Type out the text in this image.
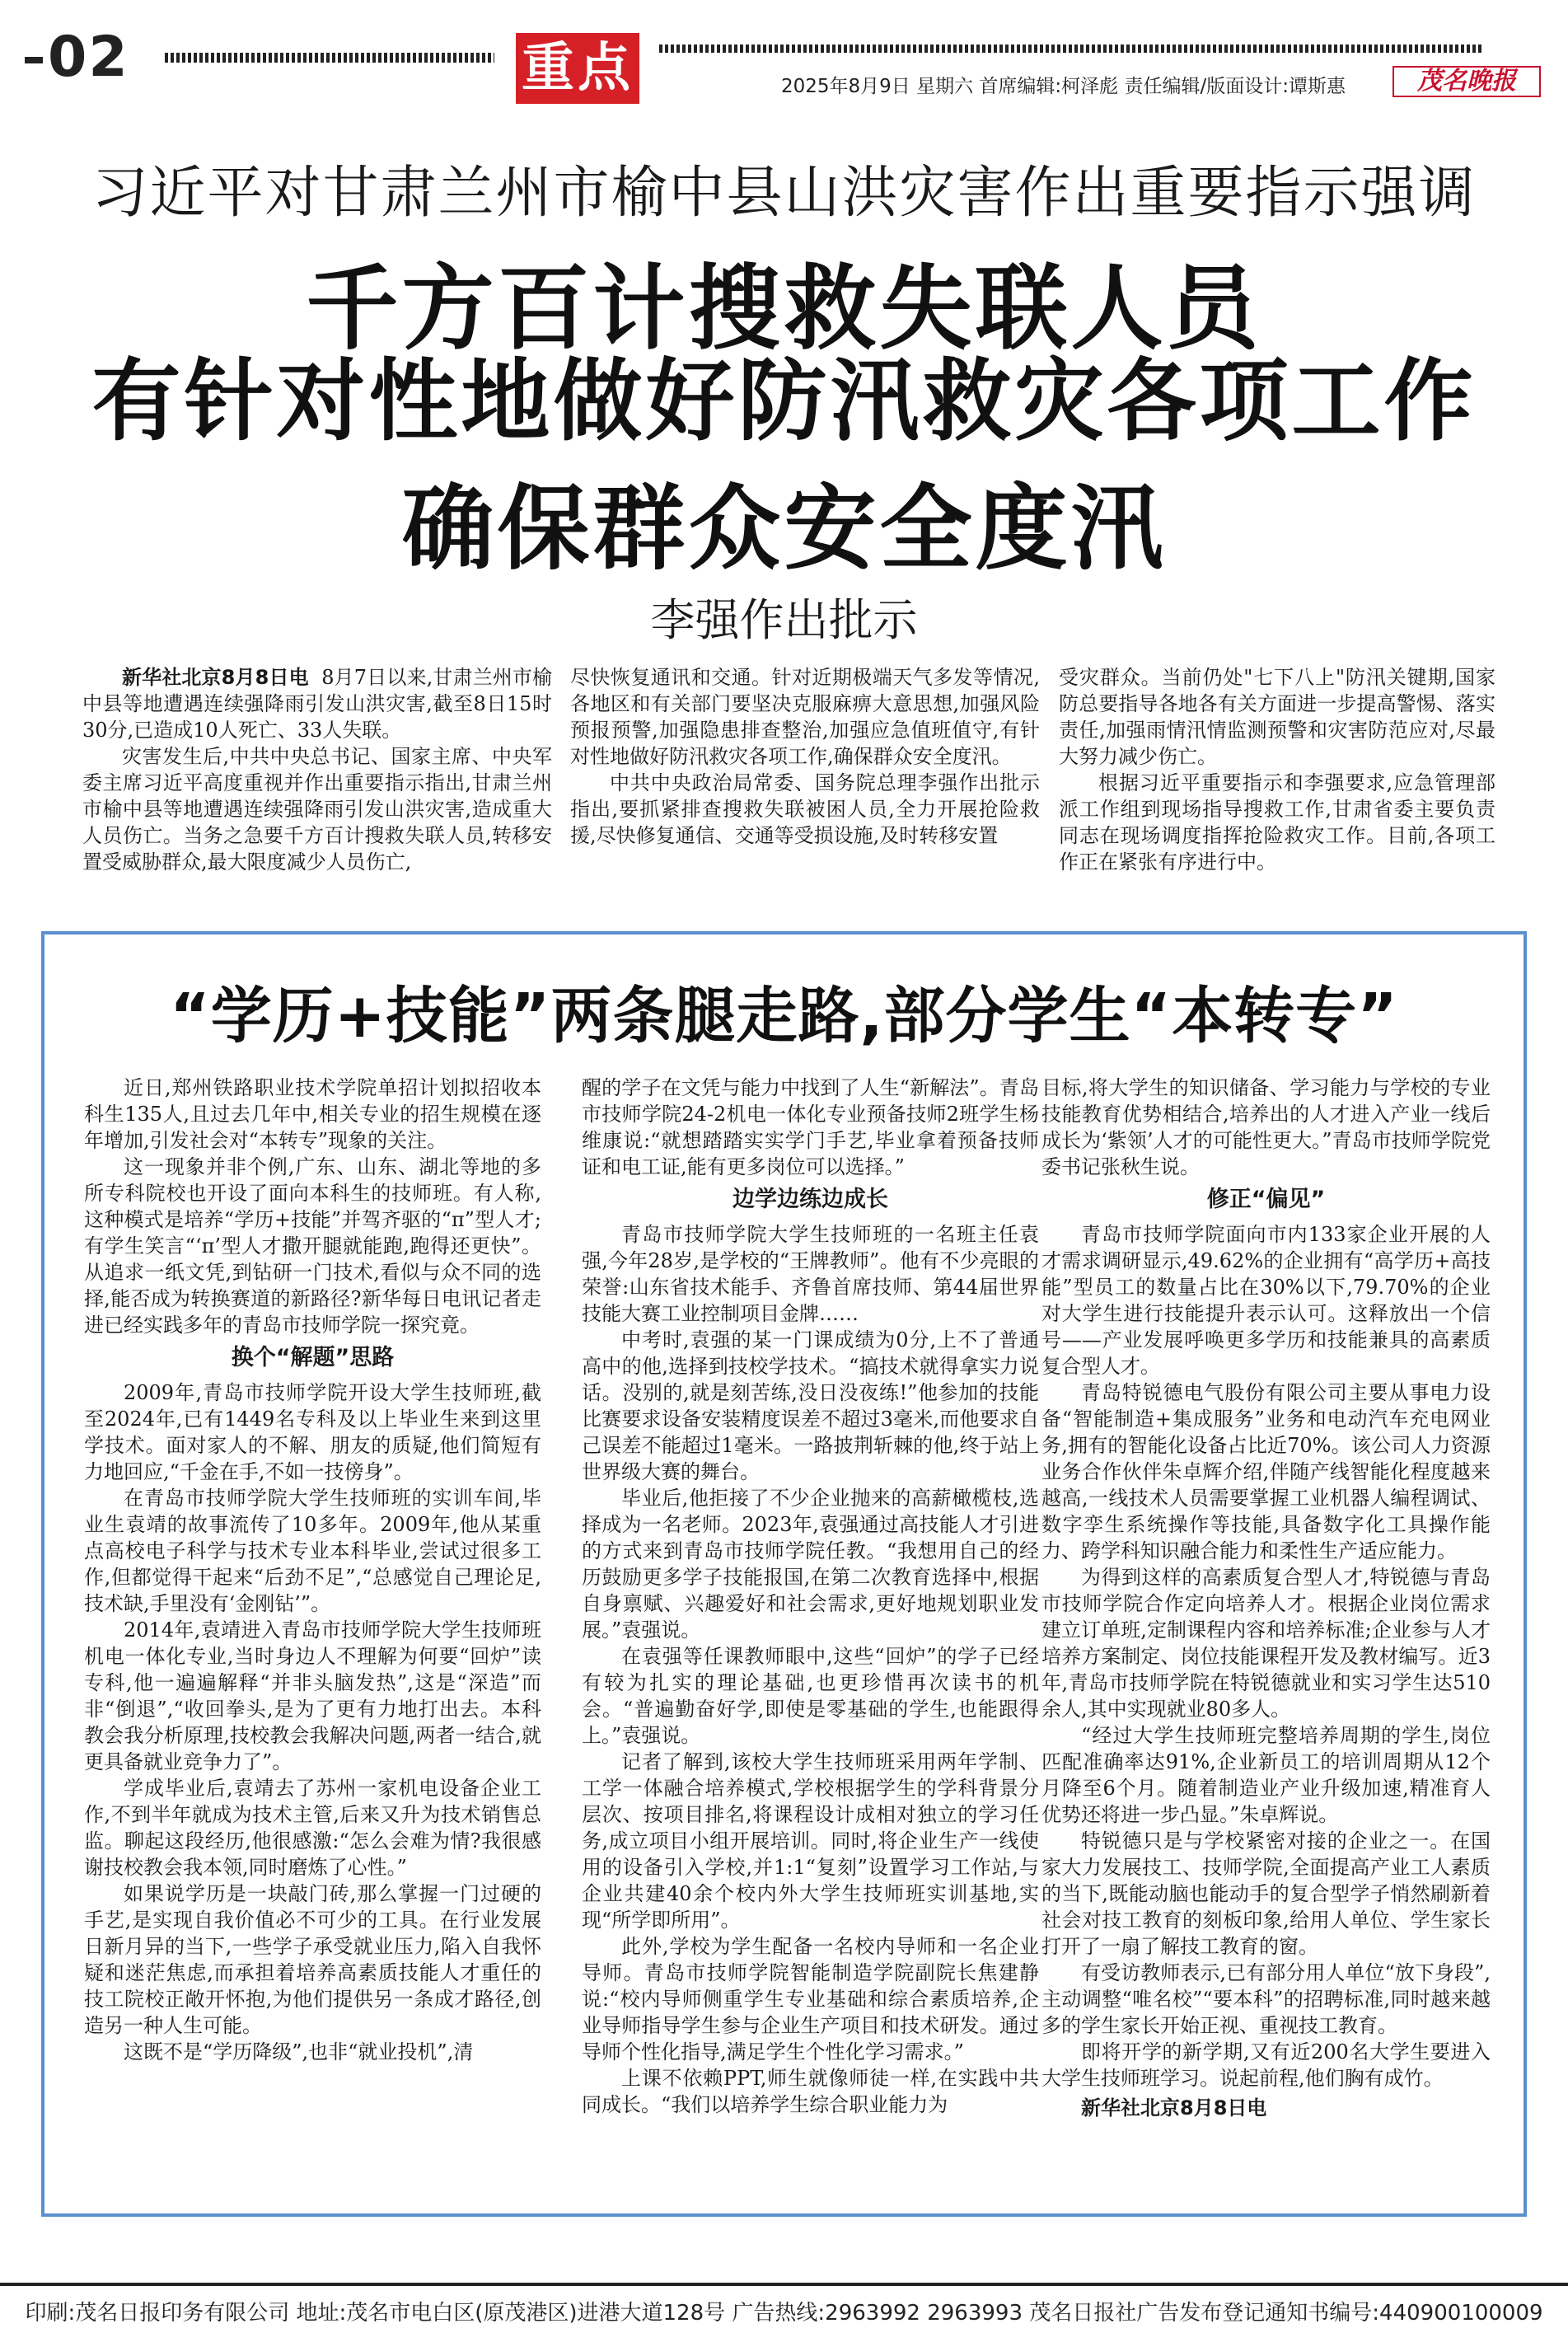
02	重点	2025年8月9日 星期六 首席编辑:柯泽彪 责任编辑/版面设计:谭斯惠	茂名晚报
习近平对甘肃兰州市榆中县山洪灾害作出重要指示强调
千方百计搜救失联人员
有针对性地做好防汛救灾各项工作
确保群众安全度汛
李强作出批示

新华社北京8月8日电 8月7日以来,甘肃兰州市榆中县等地遭遇连续强降雨引发山洪灾害,截至8日15时30分,已造成10人死亡、33人失联。

灾害发生后,中共中央总书记、国家主席、中央军委主席习近平高度重视并作出重要指示指出,甘肃兰州市榆中县等地遭遇连续强降雨引发山洪灾害,造成重大人员伤亡。当务之急要千方百计搜救失联人员,转移安置受威胁群众,最大限度减少人员伤亡,

尽快恢复通讯和交通。针对近期极端天气多发等情况,各地区和有关部门要坚决克服麻痹大意思想,加强风险预报预警,加强隐患排查整治,加强应急值班值守,有针对性地做好防汛救灾各项工作,确保群众安全度汛。

中共中央政治局常委、国务院总理李强作出批示指出,要抓紧排查搜救失联被困人员,全力开展抢险救援,尽快修复通信、交通等受损设施,及时转移安置

受灾群众。当前仍处"七下八上"防汛关键期,国家防总要指导各地各有关方面进一步提高警惕、落实责任,加强雨情汛情监测预警和灾害防范应对,尽最大努力减少伤亡。

根据习近平重要指示和李强要求,应急管理部派工作组到现场指导搜救工作,甘肃省委主要负责同志在现场调度指挥抢险救灾工作。目前,各项工作正在紧张有序进行中。

“学历+技能”两条腿走路,部分学生“本转专”

近日,郑州铁路职业技术学院单招计划拟招收本科生135人,且过去几年中,相关专业的招生规模在逐年增加,引发社会对“本转专”现象的关注。

这一现象并非个例,广东、山东、湖北等地的多所专科院校也开设了面向本科生的技师班。有人称,这种模式是培养“学历+技能”并驾齐驱的“π”型人才;有学生笑言“‘π’型人才撒开腿就能跑,跑得还更快”。从追求一纸文凭,到钻研一门技术,看似与众不同的选择,能否成为转换赛道的新路径?新华每日电讯记者走进已经实践多年的青岛市技师学院一探究竟。

换个“解题”思路

2009年,青岛市技师学院开设大学生技师班,截至2024年,已有1449名专科及以上毕业生来到这里学技术。面对家人的不解、朋友的质疑,他们简短有力地回应,“千金在手,不如一技傍身”。

在青岛市技师学院大学生技师班的实训车间,毕业生袁靖的故事流传了10多年。2009年,他从某重点高校电子科学与技术专业本科毕业,尝试过很多工作,但都觉得干起来“后劲不足”,“总感觉自己理论足,技术缺,手里没有‘金刚钻’”。

2014年,袁靖进入青岛市技师学院大学生技师班机电一体化专业,当时身边人不理解为何要“回炉”读专科,他一遍遍解释“并非头脑发热”,这是“深造”而非“倒退”,“收回拳头,是为了更有力地打出去。本科教会我分析原理,技校教会我解决问题,两者一结合,就更具备就业竞争力了”。

学成毕业后,袁靖去了苏州一家机电设备企业工作,不到半年就成为技术主管,后来又升为技术销售总监。聊起这段经历,他很感激:“怎么会难为情?我很感谢技校教会我本领,同时磨炼了心性。”

如果说学历是一块敲门砖,那么掌握一门过硬的手艺,是实现自我价值必不可少的工具。在行业发展日新月异的当下,一些学子承受就业压力,陷入自我怀疑和迷茫焦虑,而承担着培养高素质技能人才重任的技工院校正敞开怀抱,为他们提供另一条成才路径,创造另一种人生可能。

这既不是“学历降级”,也非“就业投机”,清

醒的学子在文凭与能力中找到了人生“新解法”。青岛市技师学院24-2机电一体化专业预备技师2班学生杨维康说:“就想踏踏实实学门手艺,毕业拿着预备技师证和电工证,能有更多岗位可以选择。”

边学边练边成长

青岛市技师学院大学生技师班的一名班主任袁强,今年28岁,是学校的“王牌教师”。他有不少亮眼的荣誉:山东省技术能手、齐鲁首席技师、第44届世界技能大赛工业控制项目金牌……

中考时,袁强的某一门课成绩为0分,上不了普通高中的他,选择到技校学技术。“搞技术就得拿实力说话。没别的,就是刻苦练,没日没夜练!”他参加的技能比赛要求设备安装精度误差不超过3毫米,而他要求自己误差不能超过1毫米。一路披荆斩棘的他,终于站上世界级大赛的舞台。

毕业后,他拒接了不少企业抛来的高薪橄榄枝,选择成为一名老师。2023年,袁强通过高技能人才引进的方式来到青岛市技师学院任教。“我想用自己的经历鼓励更多学子技能报国,在第二次教育选择中,根据自身禀赋、兴趣爱好和社会需求,更好地规划职业发展。”袁强说。

在袁强等任课教师眼中,这些“回炉”的学子已经有较为扎实的理论基础,也更珍惜再次读书的机会。“普遍勤奋好学,即使是零基础的学生,也能跟得上。”袁强说。

记者了解到,该校大学生技师班采用两年学制、工学一体融合培养模式,学校根据学生的学科背景分层次、按项目排名,将课程设计成相对独立的学习任务,成立项目小组开展培训。同时,将企业生产一线使用的设备引入学校,并1:1“复刻”设置学习工作站,与企业共建40余个校内外大学生技师班实训基地,实现“所学即所用”。

此外,学校为学生配备一名校内导师和一名企业导师。青岛市技师学院智能制造学院副院长焦建静说:“校内导师侧重学生专业基础和综合素质培养,企业导师指导学生参与企业生产项目和技术研发。通过导师个性化指导,满足学生个性化学习需求。”

上课不依赖PPT,师生就像师徒一样,在实践中共同成长。“我们以培养学生综合职业能力为

目标,将大学生的知识储备、学习能力与学校的专业技能教育优势相结合,培养出的人才进入产业一线后成长为‘紫领’人才的可能性更大。”青岛市技师学院党委书记张秋生说。

修正“偏见”

青岛市技师学院面向市内133家企业开展的人才需求调研显示,49.62%的企业拥有“高学历+高技能”型员工的数量占比在30%以下,79.70%的企业对大学生进行技能提升表示认可。这释放出一个信号——产业发展呼唤更多学历和技能兼具的高素质复合型人才。

青岛特锐德电气股份有限公司主要从事电力设备“智能制造+集成服务”业务和电动汽车充电网业务,拥有的智能化设备占比近70%。该公司人力资源业务合作伙伴朱卓辉介绍,伴随产线智能化程度越来越高,一线技术人员需要掌握工业机器人编程调试、数字孪生系统操作等技能,具备数字化工具操作能力、跨学科知识融合能力和柔性生产适应能力。

为得到这样的高素质复合型人才,特锐德与青岛市技师学院合作定向培养人才。根据企业岗位需求建立订单班,定制课程内容和培养标准;企业参与人才培养方案制定、岗位技能课程开发及教材编写。近3年,青岛市技师学院在特锐德就业和实习学生达510余人,其中实现就业80多人。

“经过大学生技师班完整培养周期的学生,岗位匹配准确率达91%,企业新员工的培训周期从12个月降至6个月。随着制造业产业升级加速,精准育人优势还将进一步凸显。”朱卓辉说。

特锐德只是与学校紧密对接的企业之一。在国家大力发展技工、技师学院,全面提高产业工人素质的当下,既能动脑也能动手的复合型学子悄然刷新着社会对技工教育的刻板印象,给用人单位、学生家长打开了一扇了解技工教育的窗。

有受访教师表示,已有部分用人单位“放下身段”,主动调整“唯名校”“要本科”的招聘标准,同时越来越多的学生家长开始正视、重视技工教育。

即将开学的新学期,又有近200名大学生要进入大学生技师班学习。说起前程,他们胸有成竹。

新华社北京8月8日电

印刷:茂名日报印务有限公司 地址:茂名市电白区(原茂港区)进港大道128号 广告热线:2963992 2963993 茂名日报社广告发布登记通知书编号:440900100009
